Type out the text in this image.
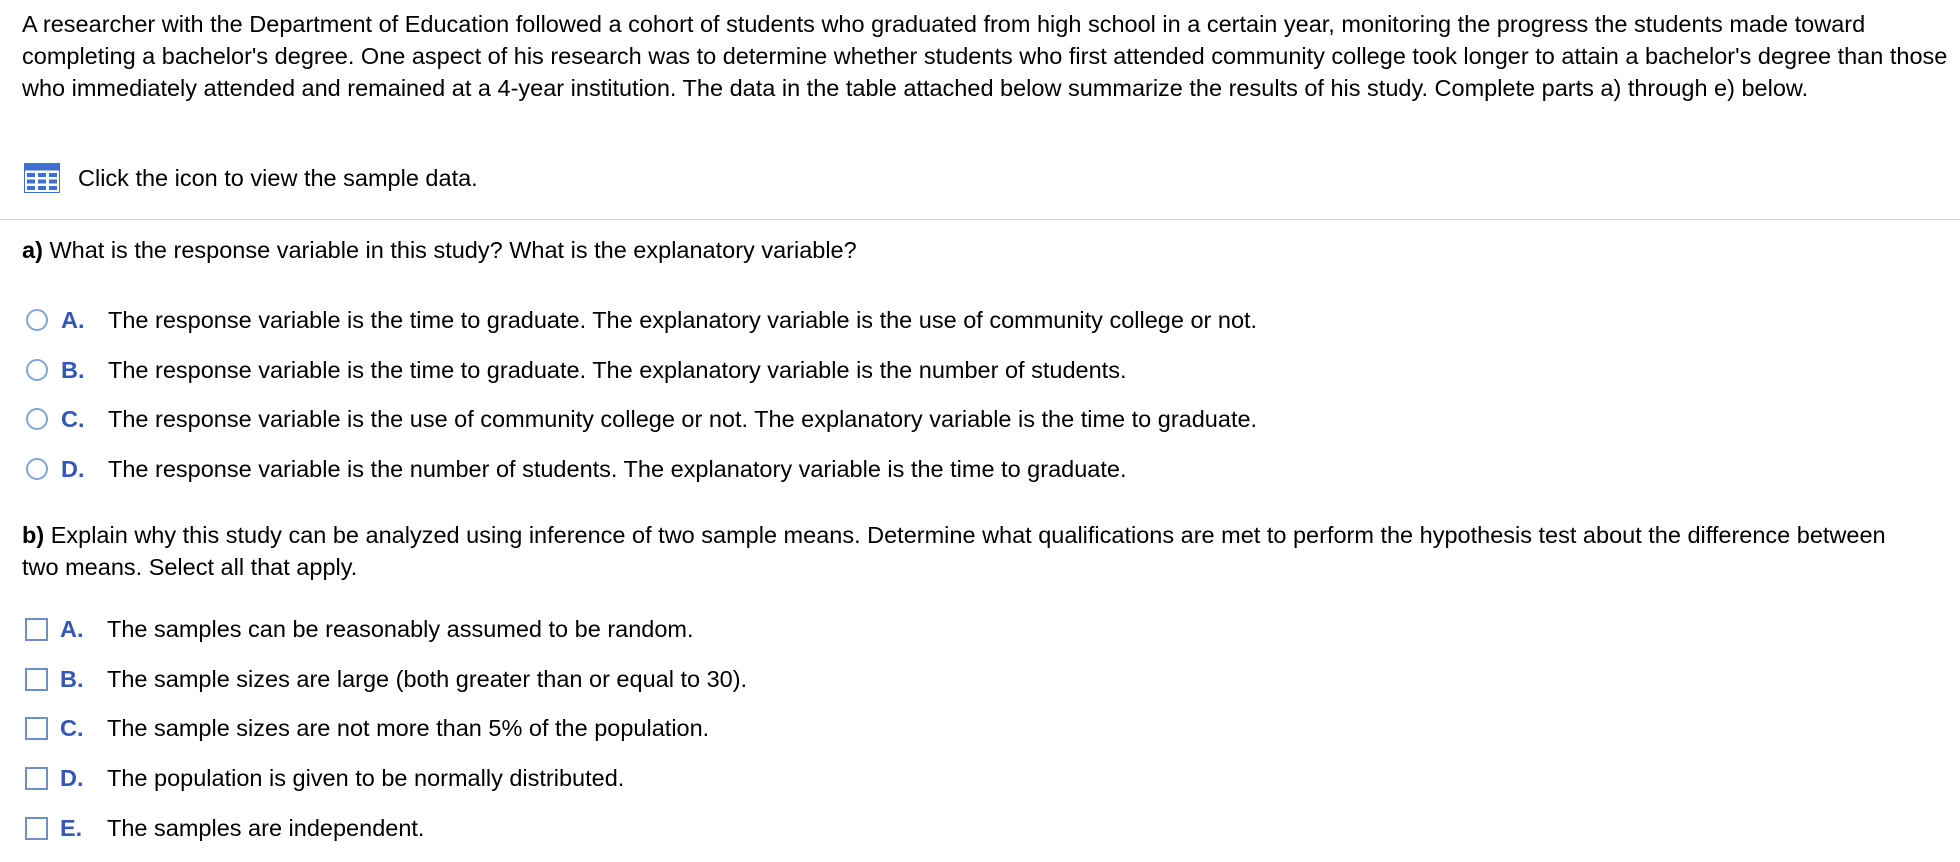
A researcher with the Department of Education followed a cohort of students who graduated from high school in a certain year, monitoring the progress the students made toward completing a bachelor's degree. One aspect of his research was to determine whether students who first attended community college took longer to attain a bachelor's degree than those who immediately attended and remained at a 4-year institution. The data in the table attached below summarize the results of his study. Complete parts a) through e) below.

Click the icon to view the sample data.

a) What is the response variable in this study? What is the explanatory variable?

A.	The response variable is the time to graduate. The explanatory variable is the use of community college or not.
B.	The response variable is the time to graduate. The explanatory variable is the number of students.
C.	The response variable is the use of community college or not. The explanatory variable is the time to graduate.
D.	The response variable is the number of students. The explanatory variable is the time to graduate.

b) Explain why this study can be analyzed using inference of two sample means. Determine what qualifications are met to perform the hypothesis test about the difference between two means. Select all that apply.

A.	The samples can be reasonably assumed to be random.
B.	The sample sizes are large (both greater than or equal to 30).
C.	The sample sizes are not more than 5% of the population.
D.	The population is given to be normally distributed.
E.	The samples are independent.
